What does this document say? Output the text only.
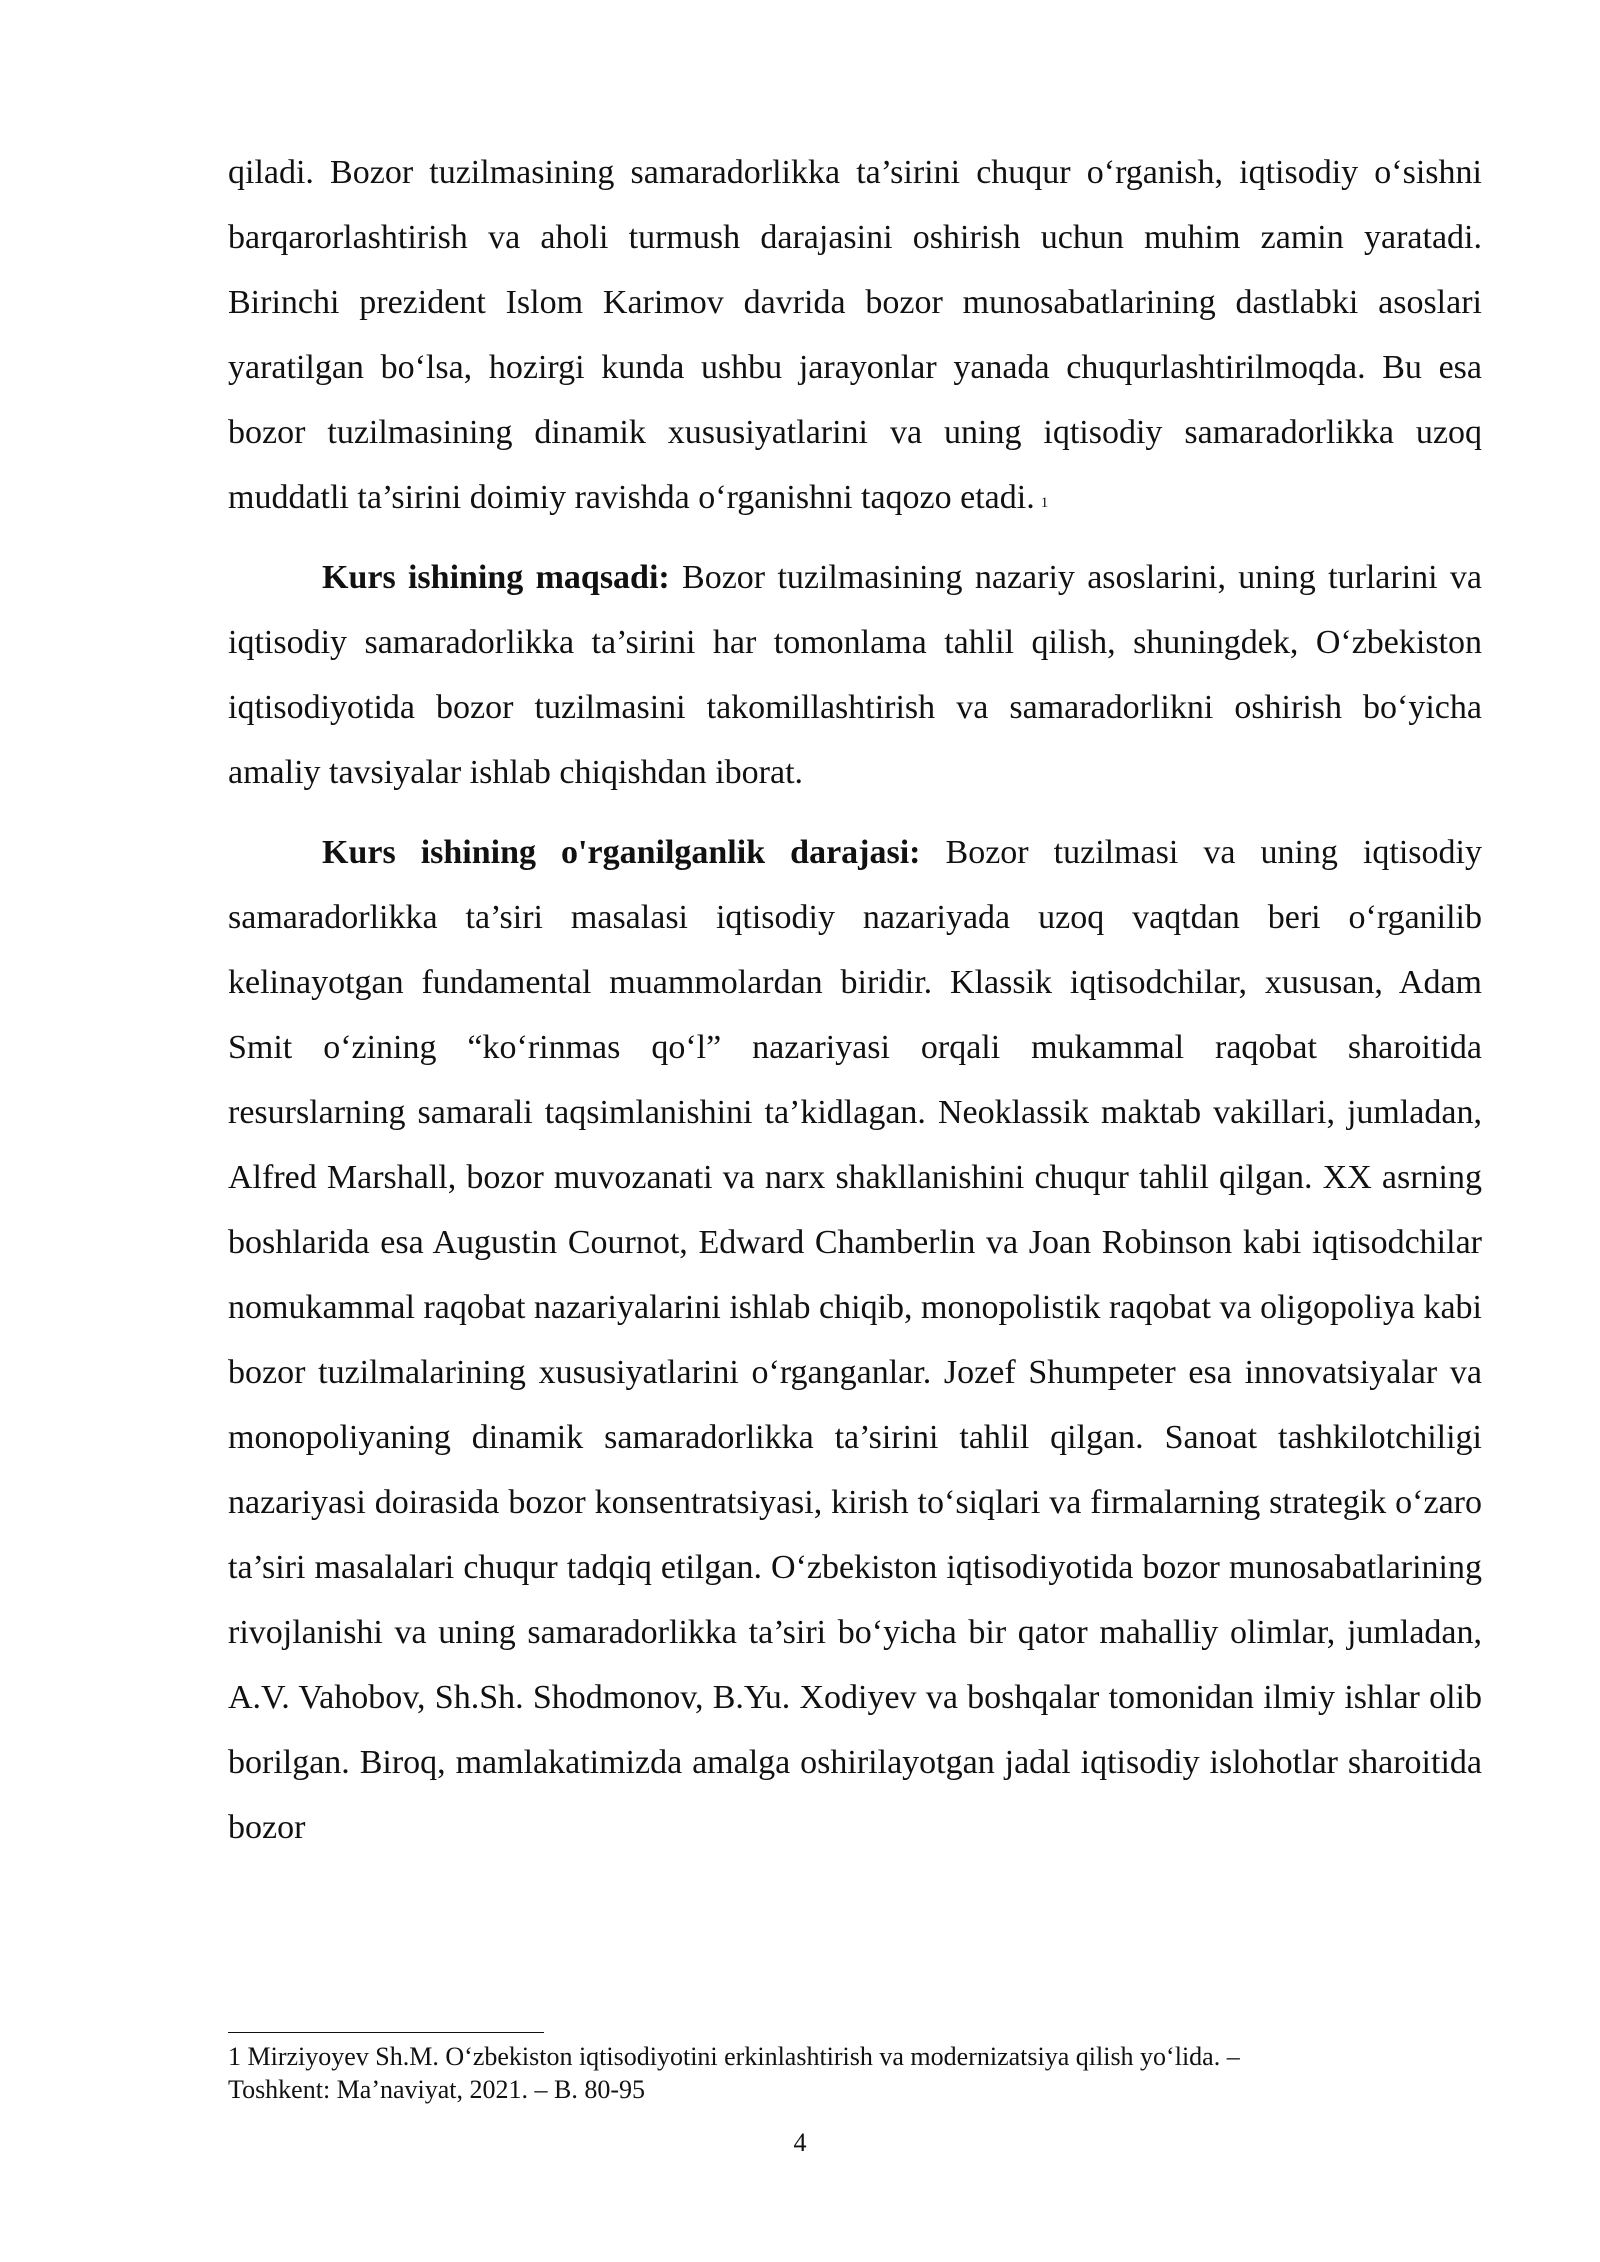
qiladi. Bozor tuzilmasining samaradorlikka ta’sirini chuqur o‘rganish, iqtisodiy o‘sishni barqarorlashtirish va aholi turmush darajasini oshirish uchun muhim zamin yaratadi. Birinchi prezident Islom Karimov davrida bozor munosabatlarining dastlabki asoslari yaratilgan bo‘lsa, hozirgi kunda ushbu jarayonlar yanada chuqurlashtirilmoqda. Bu esa bozor tuzilmasining dinamik xususiyatlarini va uning iqtisodiy samaradorlikka uzoq muddatli ta’sirini doimiy ravishda o‘rganishni taqozo etadi. $^1$

Kurs ishining maqsadi: Bozor tuzilmasining nazariy asoslarini, uning turlarini va iqtisodiy samaradorlikka ta’sirini har tomonlama tahlil qilish, shuningdek, O‘zbekiston iqtisodiyotida bozor tuzilmasini takomillashtirish va samaradorlikni oshirish bo‘yicha amaliy tavsiyalar ishlab chiqishdan iborat.

Kurs ishining o'rganilganlik darajasi: Bozor tuzilmasi va uning iqtisodiy samaradorlikka ta’siri masalasi iqtisodiy nazariyada uzoq vaqtdan beri o‘rganilib kelinayotgan fundamental muammolardan biridir. Klassik iqtisodchilar, xususan, Adam Smit o‘zining “ko‘rinmas qo‘l” nazariyasi orqali mukammal raqobat sharoitida resurslarning samarali taqsimlanishini ta’kidlagan. Neoklassik maktab vakillari, jumladan, Alfred Marshall, bozor muvozanati va narx shakllanishini chuqur tahlil qilgan. XX asrning boshlarida esa Augustin Cournot, Edward Chamberlin va Joan Robinson kabi iqtisodchilar nomukammal raqobat nazariyalarini ishlab chiqib, monopolistik raqobat va oligopoliya kabi bozor tuzilmalarining xususiyatlarini o‘rganganlar. Jozef Shumpeter esa innovatsiyalar va monopoliyaning dinamik samaradorlikka ta’sirini tahlil qilgan. Sanoat tashkilotchiligi nazariyasi doirasida bozor konsentratsiyasi, kirish to‘siqlari va firmalarning strategik o‘zaro ta’siri masalalari chuqur tadqiq etilgan. O‘zbekiston iqtisodiyotida bozor munosabatlarining rivojlanishi va uning samaradorlikka ta’siri bo‘yicha bir qator mahalliy olimlar, jumladan, A.V. Vahobov, Sh.Sh. Shodmonov, B.Yu. Xodiyev va boshqalar tomonidan ilmiy ishlar olib borilgan. Biroq, mamlakatimizda amalga oshirilayotgan jadal iqtisodiy islohotlar sharoitida bozor

1 Mirziyoyev Sh.M. O‘zbekiston iqtisodiyotini erkinlashtirish va modernizatsiya qilish yo‘lida. –
Toshkent: Ma’naviyat, 2021. – B. 80-95
4
